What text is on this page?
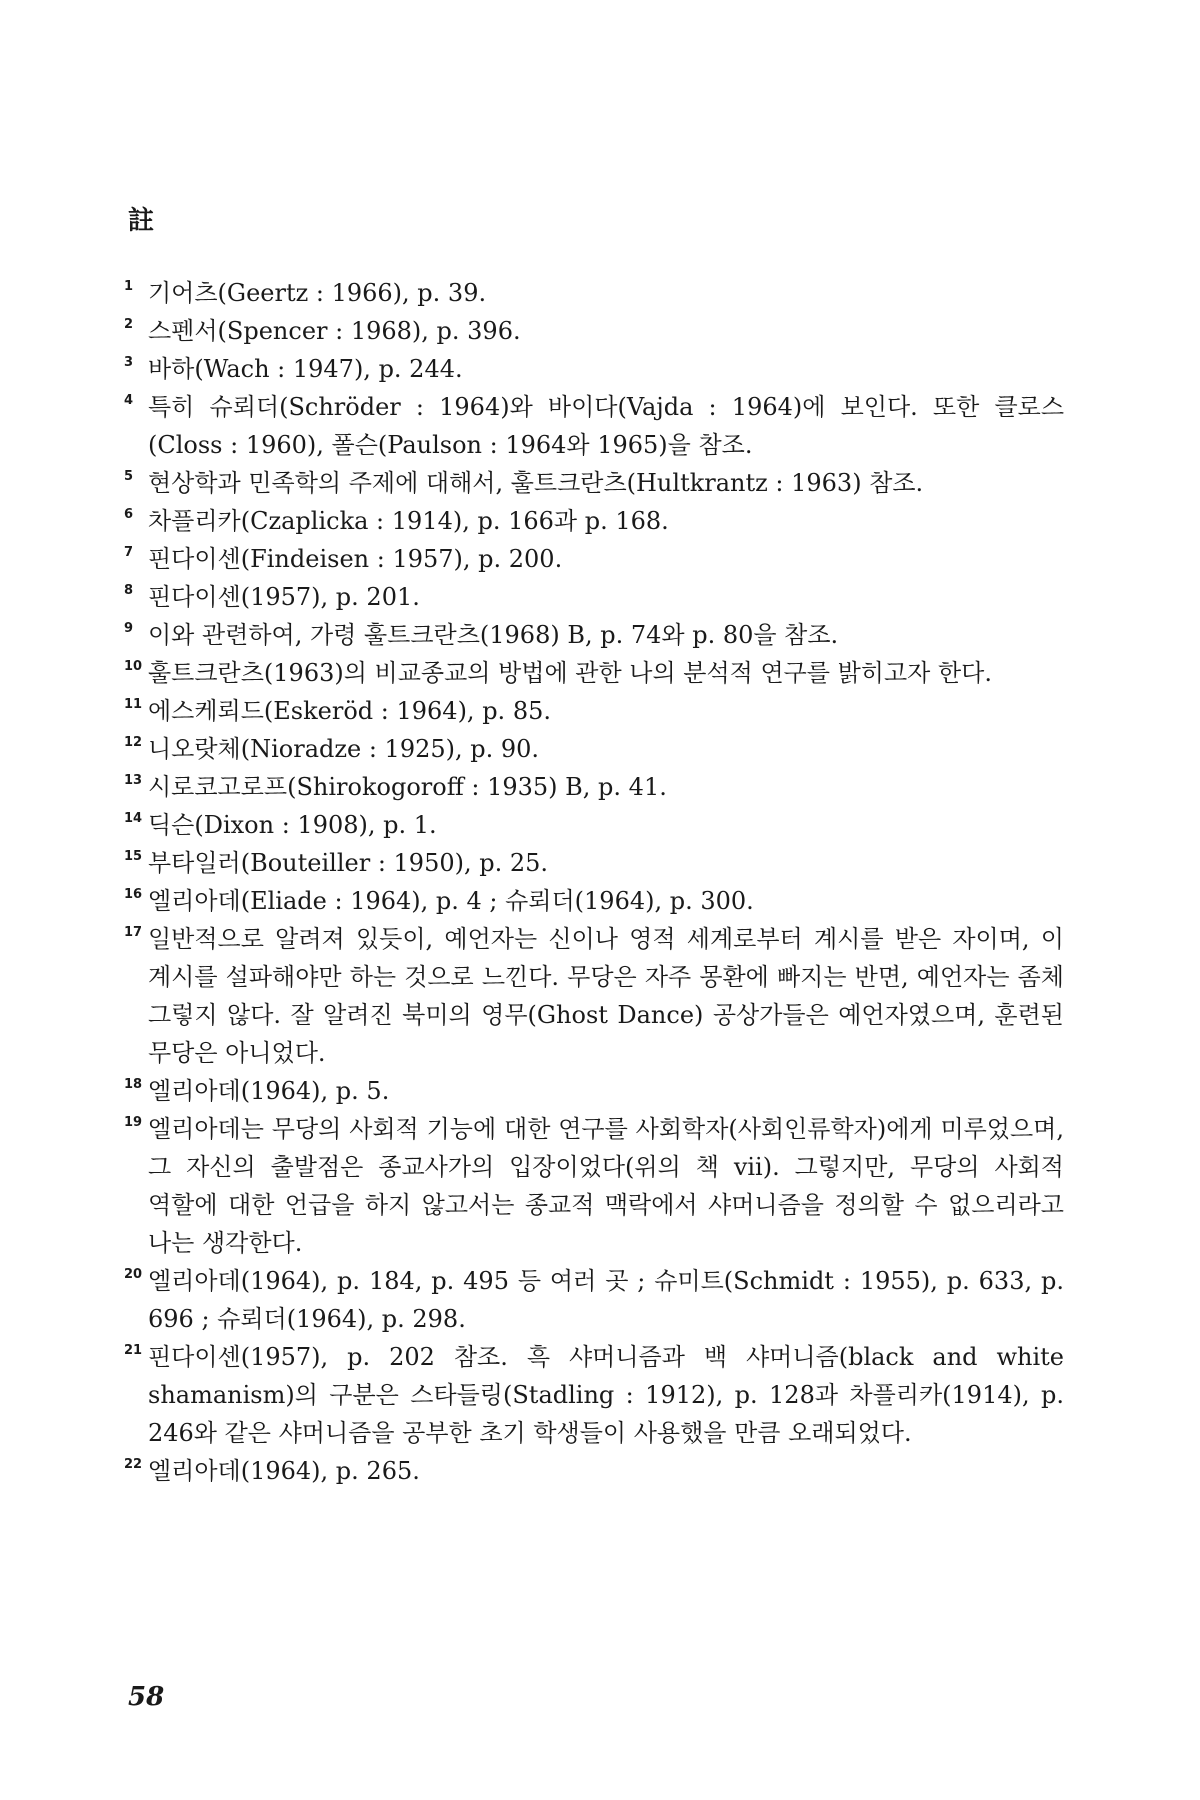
註
1 기어츠(Geertz : 1966), p. 39.
2 스펜서(Spencer : 1968), p. 396.
3 바하(Wach : 1947), p. 244.
4 특히 슈뢰더(Schröder : 1964)와 바이다(Vajda : 1964)에 보인다. 또한 클로스(Closs : 1960), 폴슨(Paulson : 1964와 1965)을 참조.
5 현상학과 민족학의 주제에 대해서, 훌트크란츠(Hultkrantz : 1963) 참조.
6 차플리카(Czaplicka : 1914), p. 166과 p. 168.
7 핀다이센(Findeisen : 1957), p. 200.
8 핀다이센(1957), p. 201.
9 이와 관련하여, 가령 훌트크란츠(1968) B, p. 74와 p. 80을 참조.
10 훌트크란츠(1963)의 비교종교의 방법에 관한 나의 분석적 연구를 밝히고자 한다.
11 에스케뢰드(Eskeröd : 1964), p. 85.
12 니오랏체(Nioradze : 1925), p. 90.
13 시로코고로프(Shirokogoroff : 1935) B, p. 41.
14 딕슨(Dixon : 1908), p. 1.
15 부타일러(Bouteiller : 1950), p. 25.
16 엘리아데(Eliade : 1964), p. 4 ; 슈뢰더(1964), p. 300.
17 일반적으로 알려져 있듯이, 예언자는 신이나 영적 세계로부터 계시를 받은 자이며, 이 계시를 설파해야만 하는 것으로 느낀다. 무당은 자주 몽환에 빠지는 반면, 예언자는 좀체 그렇지 않다. 잘 알려진 북미의 영무(Ghost Dance) 공상가들은 예언자였으며, 훈련된 무당은 아니었다.
18 엘리아데(1964), p. 5.
19 엘리아데는 무당의 사회적 기능에 대한 연구를 사회학자(사회인류학자)에게 미루었으며, 그 자신의 출발점은 종교사가의 입장이었다(위의 책 vii). 그렇지만, 무당의 사회적 역할에 대한 언급을 하지 않고서는 종교적 맥락에서 샤머니즘을 정의할 수 없으리라고 나는 생각한다.
20 엘리아데(1964), p. 184, p. 495 등 여러 곳 ; 슈미트(Schmidt : 1955), p. 633, p. 696 ; 슈뢰더(1964), p. 298.
21 핀다이센(1957), p. 202 참조. 흑 샤머니즘과 백 샤머니즘(black and white shamanism)의 구분은 스타들링(Stadling : 1912), p. 128과 차플리카(1914), p. 246와 같은 샤머니즘을 공부한 초기 학생들이 사용했을 만큼 오래되었다.
22 엘리아데(1964), p. 265.
58
